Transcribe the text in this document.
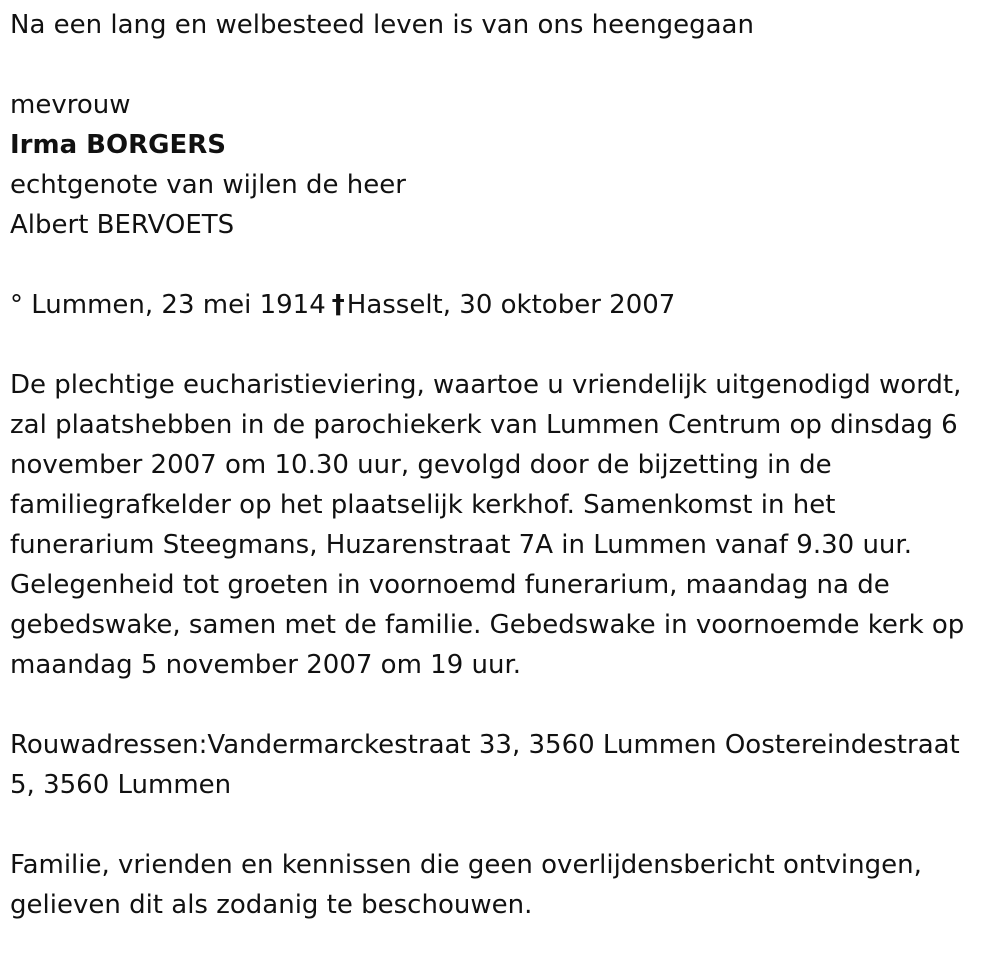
Na een lang en welbesteed leven is van ons heengegaan
mevrouw
Irma BORGERS
echtgenote van wijlen de heer
Albert BERVOETS
° Lummen, 23 mei 1914 †Hasselt, 30 oktober 2007
De plechtige eucharistieviering, waartoe u vriendelijk uitgenodigd wordt,
zal plaatshebben in de parochiekerk van Lummen Centrum op dinsdag 6
november 2007 om 10.30 uur, gevolgd door de bijzetting in de
familiegrafkelder op het plaatselijk kerkhof. Samenkomst in het
funerarium Steegmans, Huzarenstraat 7A in Lummen vanaf 9.30 uur.
Gelegenheid tot groeten in voornoemd funerarium, maandag na de
gebedswake, samen met de familie. Gebedswake in voornoemde kerk op
maandag 5 november 2007 om 19 uur.
Rouwadressen:Vandermarckestraat 33, 3560 Lummen Oostereindestraat
5, 3560 Lummen
Familie, vrienden en kennissen die geen overlijdensbericht ontvingen,
gelieven dit als zodanig te beschouwen.
